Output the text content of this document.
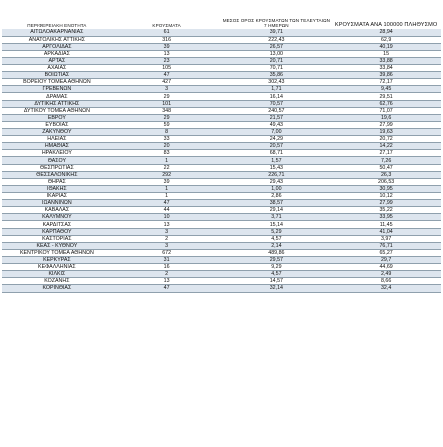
ΠΕΡΙΦΕΡΕΙΑΚΗ ΕΝΟΤΗΤΑ	ΚΡΟΥΣΜΑΤΑ	ΜΕΣΟΣ ΟΡΟΣ ΚΡΟΥΣΜΑΤΩΝ ΤΩΝ ΤΕΛΕΥΤΑΙΩΝ 7 ΗΜΕΡΩΝ	ΚΡΟΥΣΜΑΤΑ ΑΝΑ 100000 ΠΛΗΘΥΣΜΟ
ΑΙΤΩΛΟΑΚΑΡΝΑΝΙΑΣ	61	39,71	28,94
ΑΝΑΤΟΛΙΚΗΣ ΑΤΤΙΚΗΣ	316	222,43	62,9
ΑΡΓΟΛΙΔΑΣ	39	26,57	40,19
ΑΡΚΑΔΙΑΣ	13	13,00	15
ΑΡΤΑΣ	23	20,71	33,88
ΑΧΑΪΑΣ	105	70,71	33,84
ΒΟΙΩΤΙΑΣ	47	35,86	39,86
ΒΟΡΕΙΟΥ ΤΟΜΕΑ ΑΘΗΝΩΝ	427	302,43	72,17
ΓΡΕΒΕΝΩΝ	3	1,71	9,45
ΔΡΑΜΑΣ	29	16,14	29,51
ΔΥΤΙΚΗΣ ΑΤΤΙΚΗΣ	101	70,57	62,76
ΔΥΤΙΚΟΥ ΤΟΜΕΑ ΑΘΗΝΩΝ	348	240,57	71,07
ΕΒΡΟΥ	29	21,57	19,6
ΕΥΒΟΙΑΣ	59	49,43	27,99
ΖΑΚΥΝΘΟΥ	8	7,00	19,63
ΗΛΕΙΑΣ	33	24,29	20,72
ΗΜΑΘΙΑΣ	20	20,57	14,22
ΗΡΑΚΛΕΙΟΥ	83	68,71	27,17
ΘΑΣΟΥ	1	1,57	7,26
ΘΕΣΠΡΩΤΙΑΣ	22	15,43	50,47
ΘΕΣΣΑΛΟΝΙΚΗΣ	292	226,71	26,3
ΘΗΡΑΣ	39	29,43	206,53
ΙΘΑΚΗΣ	1	1,00	30,95
ΙΚΑΡΙΑΣ	1	2,86	10,12
ΙΩΑΝΝΙΝΩΝ	47	38,57	27,99
ΚΑΒΑΛΑΣ	44	29,14	35,22
ΚΑΛΥΜΝΟΥ	10	3,71	33,95
ΚΑΡΔΙΤΣΑΣ	13	15,14	11,45
ΚΑΡΠΑΘΟΥ	3	5,29	41,04
ΚΑΣΤΟΡΙΑΣ	2	4,57	3,97
ΚΕΑΣ - ΚΥΘΝΟΥ	3	2,14	76,71
ΚΕΝΤΡΙΚΟΥ ΤΟΜΕΑ ΑΘΗΝΩΝ	672	489,86	65,27
ΚΕΡΚΥΡΑΣ	31	29,57	29,7
ΚΕΦΑΛΛΗΝΙΑΣ	16	9,29	44,69
ΚΙΛΚΙΣ	2	4,57	2,49
ΚΟΖΑΝΗΣ	13	14,57	8,66
ΚΟΡΙΝΘΙΑΣ	47	32,14	32,4
